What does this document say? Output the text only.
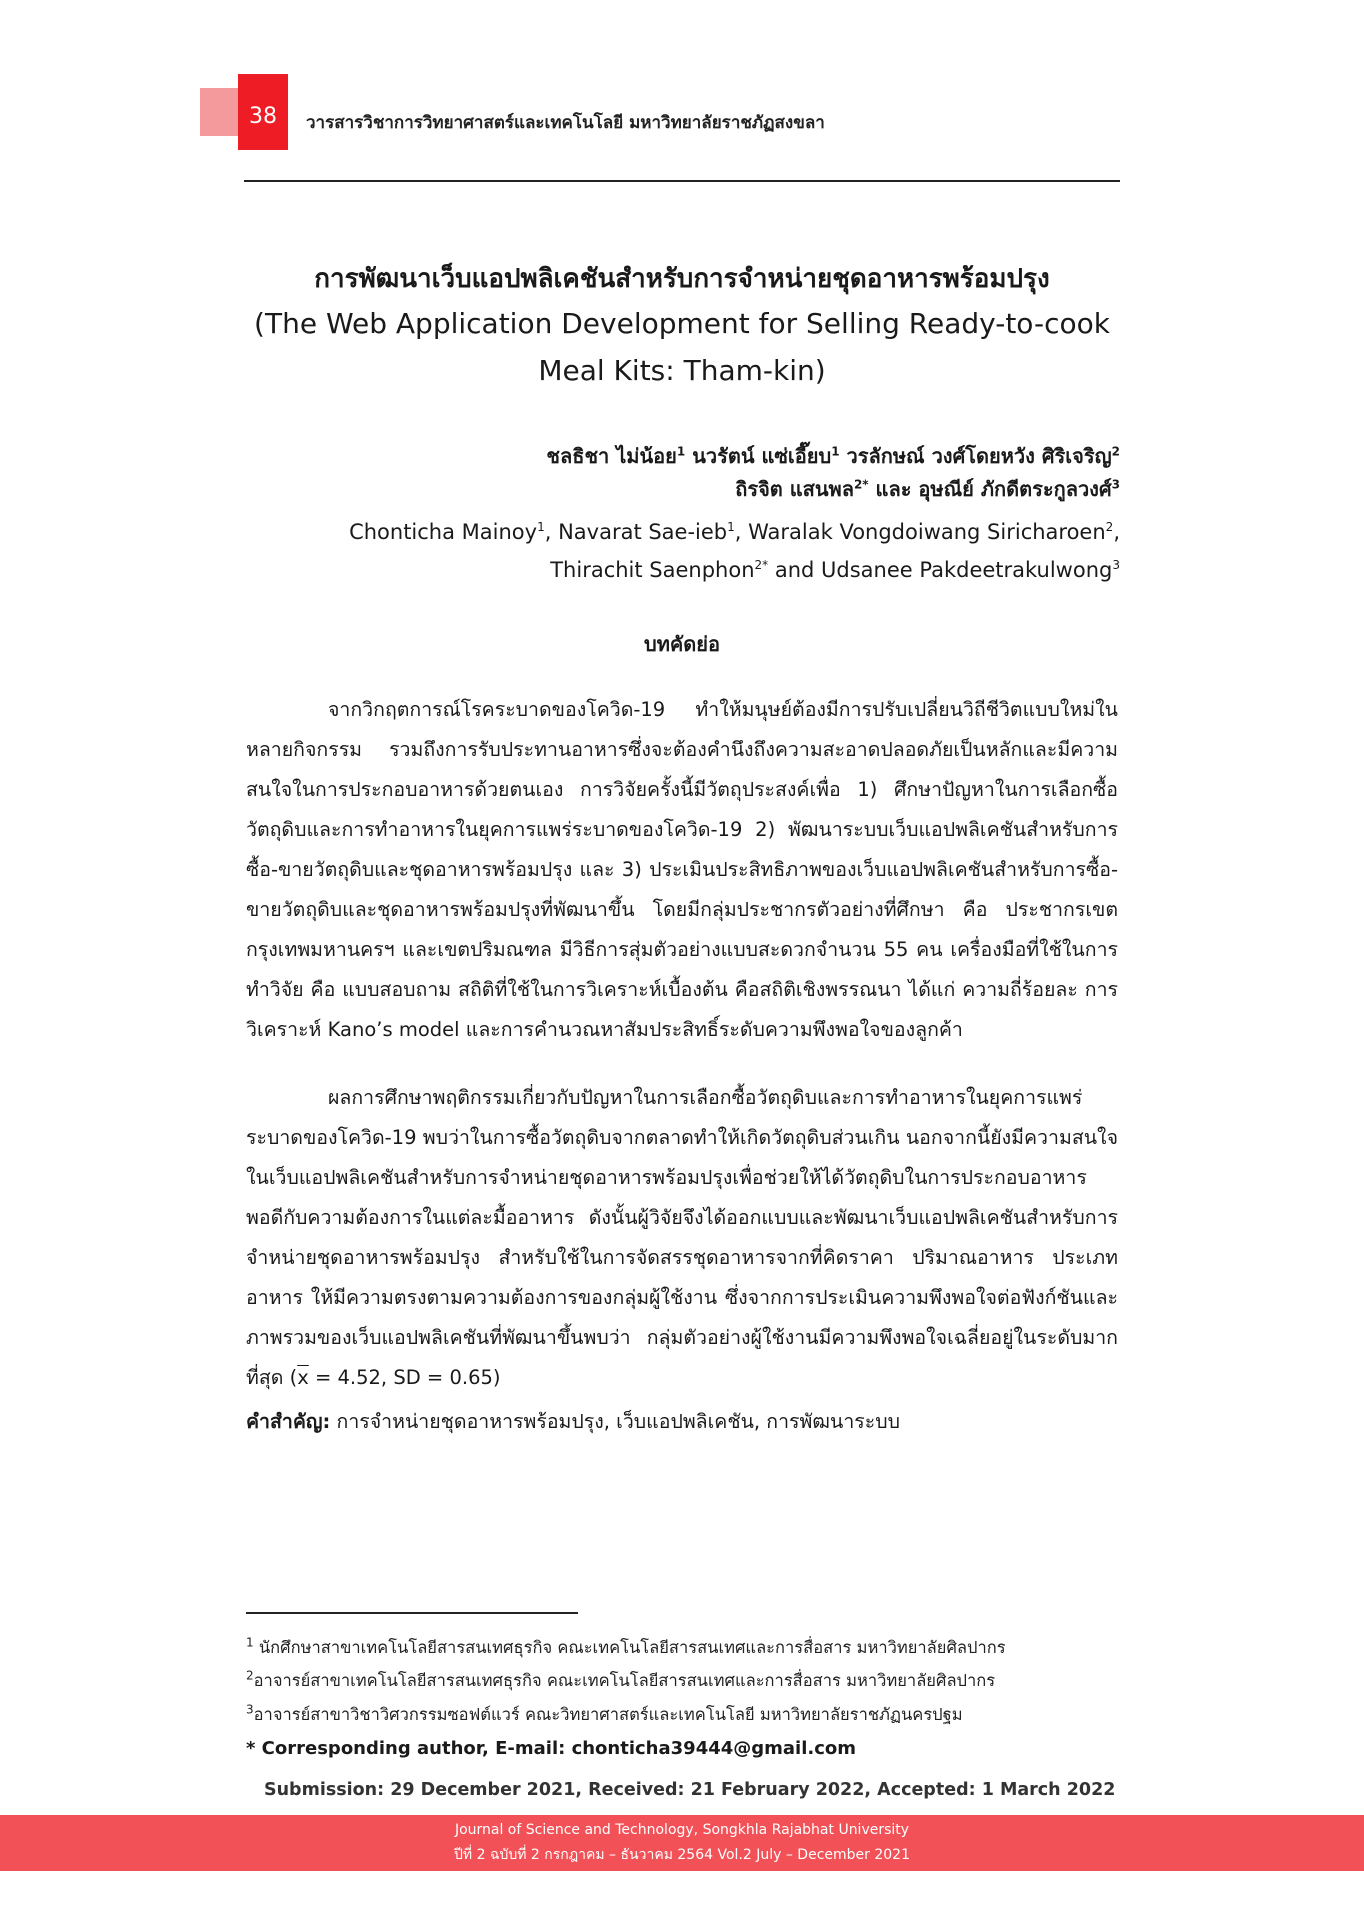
38	วารสารวิชาการวิทยาศาสตร์และเทคโนโลยี มหาวิทยาลัยราชภัฏสงขลา
การพัฒนาเว็บแอปพลิเคชันสำหรับการจำหน่ายชุดอาหารพร้อมปรุง
(The Web Application Development for Selling Ready-to-cook
Meal Kits: Tham-kin)
ชลธิชา ไม่น้อย$^1$ นวรัตน์ แซ่เอี๊ยบ$^1$ วรลักษณ์ วงศ์โดยหวัง ศิริเจริญ$^2$
ถิรจิต แสนพล$^{2*}$ และ อุษณีย์ ภักดีตระกูลวงศ์$^3$
Chonticha Mainoy$^1$, Navarat Sae-ieb$^1$, Waralak Vongdoiwang Siricharoen$^2$,
Thirachit Saenphon$^{2*}$ and Udsanee Pakdeetrakulwong$^3$
บทคัดย่อ

จากวิกฤตการณ์โรคระบาดของโควิด-19 ทำให้มนุษย์ต้องมีการปรับเปลี่ยนวิถีชีวิตแบบใหม่ในหลายกิจกรรม รวมถึงการรับประทานอาหารซึ่งจะต้องคำนึงถึงความสะอาดปลอดภัยเป็นหลักและมีความสนใจในการประกอบอาหารด้วยตนเอง การวิจัยครั้งนี้มีวัตถุประสงค์เพื่อ 1) ศึกษาปัญหาในการเลือกซื้อวัตถุดิบและการทำอาหารในยุคการแพร่ระบาดของโควิด-19 2) พัฒนาระบบเว็บแอปพลิเคชันสำหรับการซื้อ-ขายวัตถุดิบและชุดอาหารพร้อมปรุง และ 3) ประเมินประสิทธิภาพของเว็บแอปพลิเคชันสำหรับการซื้อ-ขายวัตถุดิบและชุดอาหารพร้อมปรุงที่พัฒนาขึ้น โดยมีกลุ่มประชากรตัวอย่างที่ศึกษา คือ ประชากรเขตกรุงเทพมหานครฯ และเขตปริมณฑล มีวิธีการสุ่มตัวอย่างแบบสะดวกจำนวน 55 คน เครื่องมือที่ใช้ในการทำวิจัย คือ แบบสอบถาม สถิติที่ใช้ในการวิเคราะห์เบื้องต้น คือสถิติเชิงพรรณนา ได้แก่ ความถี่ร้อยละ การวิเคราะห์ Kano’s model และการคำนวณหาสัมประสิทธิ์ระดับความพึงพอใจของลูกค้า

ผลการศึกษาพฤติกรรมเกี่ยวกับปัญหาในการเลือกซื้อวัตถุดิบและการทำอาหารในยุคการแพร่ระบาดของโควิด-19 พบว่าในการซื้อวัตถุดิบจากตลาดทำให้เกิดวัตถุดิบส่วนเกิน นอกจากนี้ยังมีความสนใจในเว็บแอปพลิเคชันสำหรับการจำหน่ายชุดอาหารพร้อมปรุงเพื่อช่วยให้ได้วัตถุดิบในการประกอบอาหารพอดีกับความต้องการในแต่ละมื้ออาหาร ดังนั้นผู้วิจัยจึงได้ออกแบบและพัฒนาเว็บแอปพลิเคชันสำหรับการจำหน่ายชุดอาหารพร้อมปรุง สำหรับใช้ในการจัดสรรชุดอาหารจากที่คิดราคา ปริมาณอาหาร ประเภทอาหาร ให้มีความตรงตามความต้องการของกลุ่มผู้ใช้งาน ซึ่งจากการประเมินความพึงพอใจต่อฟังก์ชันและภาพรวมของเว็บแอปพลิเคชันที่พัฒนาขึ้นพบว่า กลุ่มตัวอย่างผู้ใช้งานมีความพึงพอใจเฉลี่ยอยู่ในระดับมากที่สุด ($\overline{x} = 4.52$, SD = 0.65)

คำสำคัญ: การจำหน่ายชุดอาหารพร้อมปรุง, เว็บแอปพลิเคชัน, การพัฒนาระบบ
$^1$ นักศึกษาสาขาเทคโนโลยีสารสนเทศธุรกิจ คณะเทคโนโลยีสารสนเทศและการสื่อสาร มหาวิทยาลัยศิลปากร
$^2$อาจารย์สาขาเทคโนโลยีสารสนเทศธุรกิจ คณะเทคโนโลยีสารสนเทศและการสื่อสาร มหาวิทยาลัยศิลปากร
$^3$อาจารย์สาขาวิชาวิศวกรรมซอฟต์แวร์ คณะวิทยาศาสตร์และเทคโนโลยี มหาวิทยาลัยราชภัฏนครปฐม
* Corresponding author, E-mail: chonticha39444@gmail.com
Submission: 29 December 2021, Received: 21 February 2022, Accepted: 1 March 2022
Journal of Science and Technology, Songkhla Rajabhat University
ปีที่ 2 ฉบับที่ 2 กรกฎาคม – ธันวาคม 2564 Vol.2 July – December 2021
